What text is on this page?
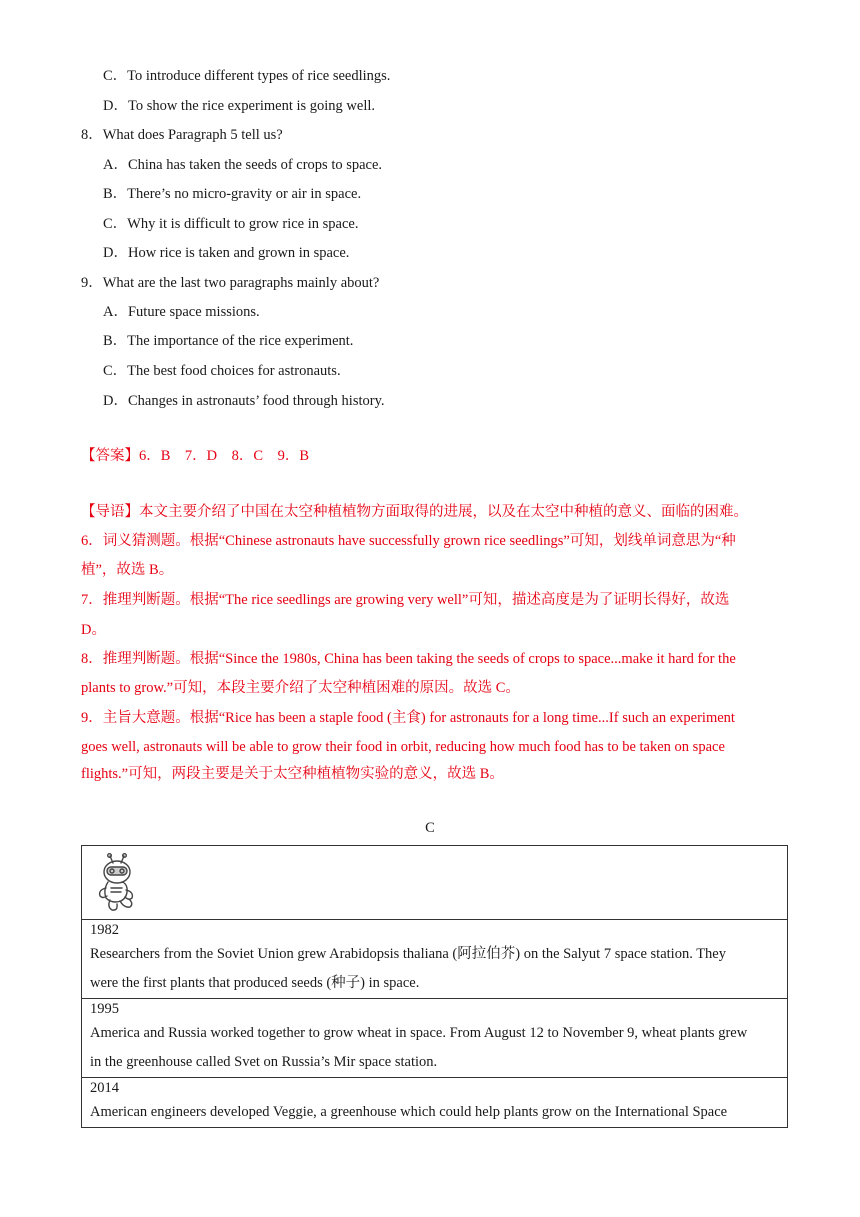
C．To introduce different types of rice seedlings.
D．To show the rice experiment is going well.
8．What does Paragraph 5 tell us?
A．China has taken the seeds of crops to space.
B．There’s no micro-gravity or air in space.
C．Why it is difficult to grow rice in space.
D．How rice is taken and grown in space.
9．What are the last two paragraphs mainly about?
A．Future space missions.
B．The importance of the rice experiment.
C．The best food choices for astronauts.
D．Changes in astronauts’ food through history.
【答案】6．B　7．D　8．C　9．B
【导语】本文主要介绍了中国在太空种植植物方面取得的进展，以及在太空中种植的意义、面临的困难。
6．词义猜测题。根据“Chinese astronauts have successfully grown rice seedlings”可知，划线单词意思为“种
植”，故选 B。
7．推理判断题。根据“The rice seedlings are growing very well”可知，描述高度是为了证明长得好，故选
D。
8．推理判断题。根据“Since the 1980s, China has been taking the seeds of crops to space...make it hard for the
plants to grow.”可知，本段主要介绍了太空种植困难的原因。故选 C。
9．主旨大意题。根据“Rice has been a staple food (主食) for astronauts for a long time...If such an experiment
goes well, astronauts will be able to grow their food in orbit, reducing how much food has to be taken on space
flights.”可知，两段主要是关于太空种植植物实验的意义，故选 B。
C

1982
Researchers from the Soviet Union grew Arabidopsis thaliana (阿拉伯芥) on the Salyut 7 space station. They
were the first plants that produced seeds (种子) in space.

1995
America and Russia worked together to grow wheat in space. From August 12 to November 9, wheat plants grew
in the greenhouse called Svet on Russia’s Mir space station.

2014
American engineers developed Veggie, a greenhouse which could help plants grow on the International Space
